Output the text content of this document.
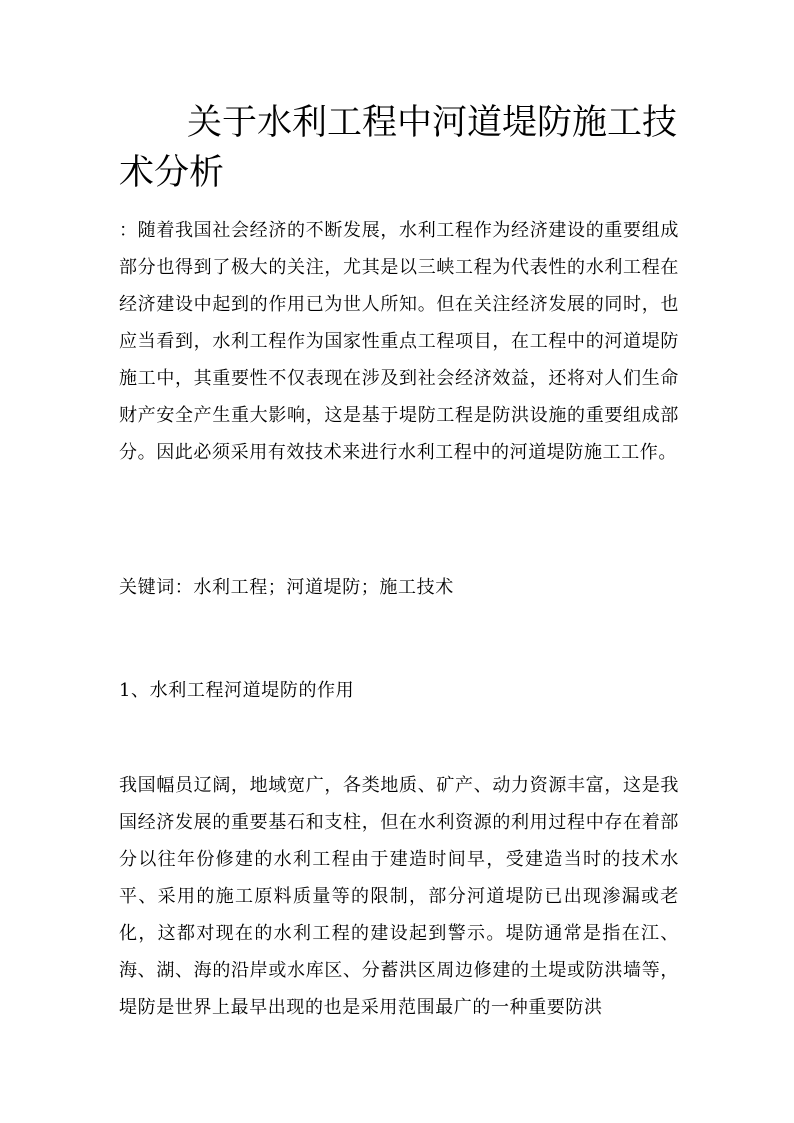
关于水利工程中河道堤防施工技术分析

：随着我国社会经济的不断发展，水利工程作为经济建设的重要组成部分也得到了极大的关注，尤其是以三峡工程为代表性的水利工程在经济建设中起到的作用已为世人所知。但在关注经济发展的同时，也应当看到，水利工程作为国家性重点工程项目，在工程中的河道堤防施工中，其重要性不仅表现在涉及到社会经济效益，还将对人们生命财产安全产生重大影响，这是基于堤防工程是防洪设施的重要组成部分。因此必须采用有效技术来进行水利工程中的河道堤防施工工作。

关键词：水利工程；河道堤防；施工技术

1、水利工程河道堤防的作用

我国幅员辽阔，地域宽广，各类地质、矿产、动力资源丰富，这是我国经济发展的重要基石和支柱，但在水利资源的利用过程中存在着部分以往年份修建的水利工程由于建造时间早，受建造当时的技术水平、采用的施工原料质量等的限制，部分河道堤防已出现渗漏或老化，这都对现在的水利工程的建设起到警示。堤防通常是指在江、海、湖、海的沿岸或水库区、分蓄洪区周边修建的土堤或防洪墙等，堤防是世界上最早出现的也是采用范围最广的一种重要防洪
